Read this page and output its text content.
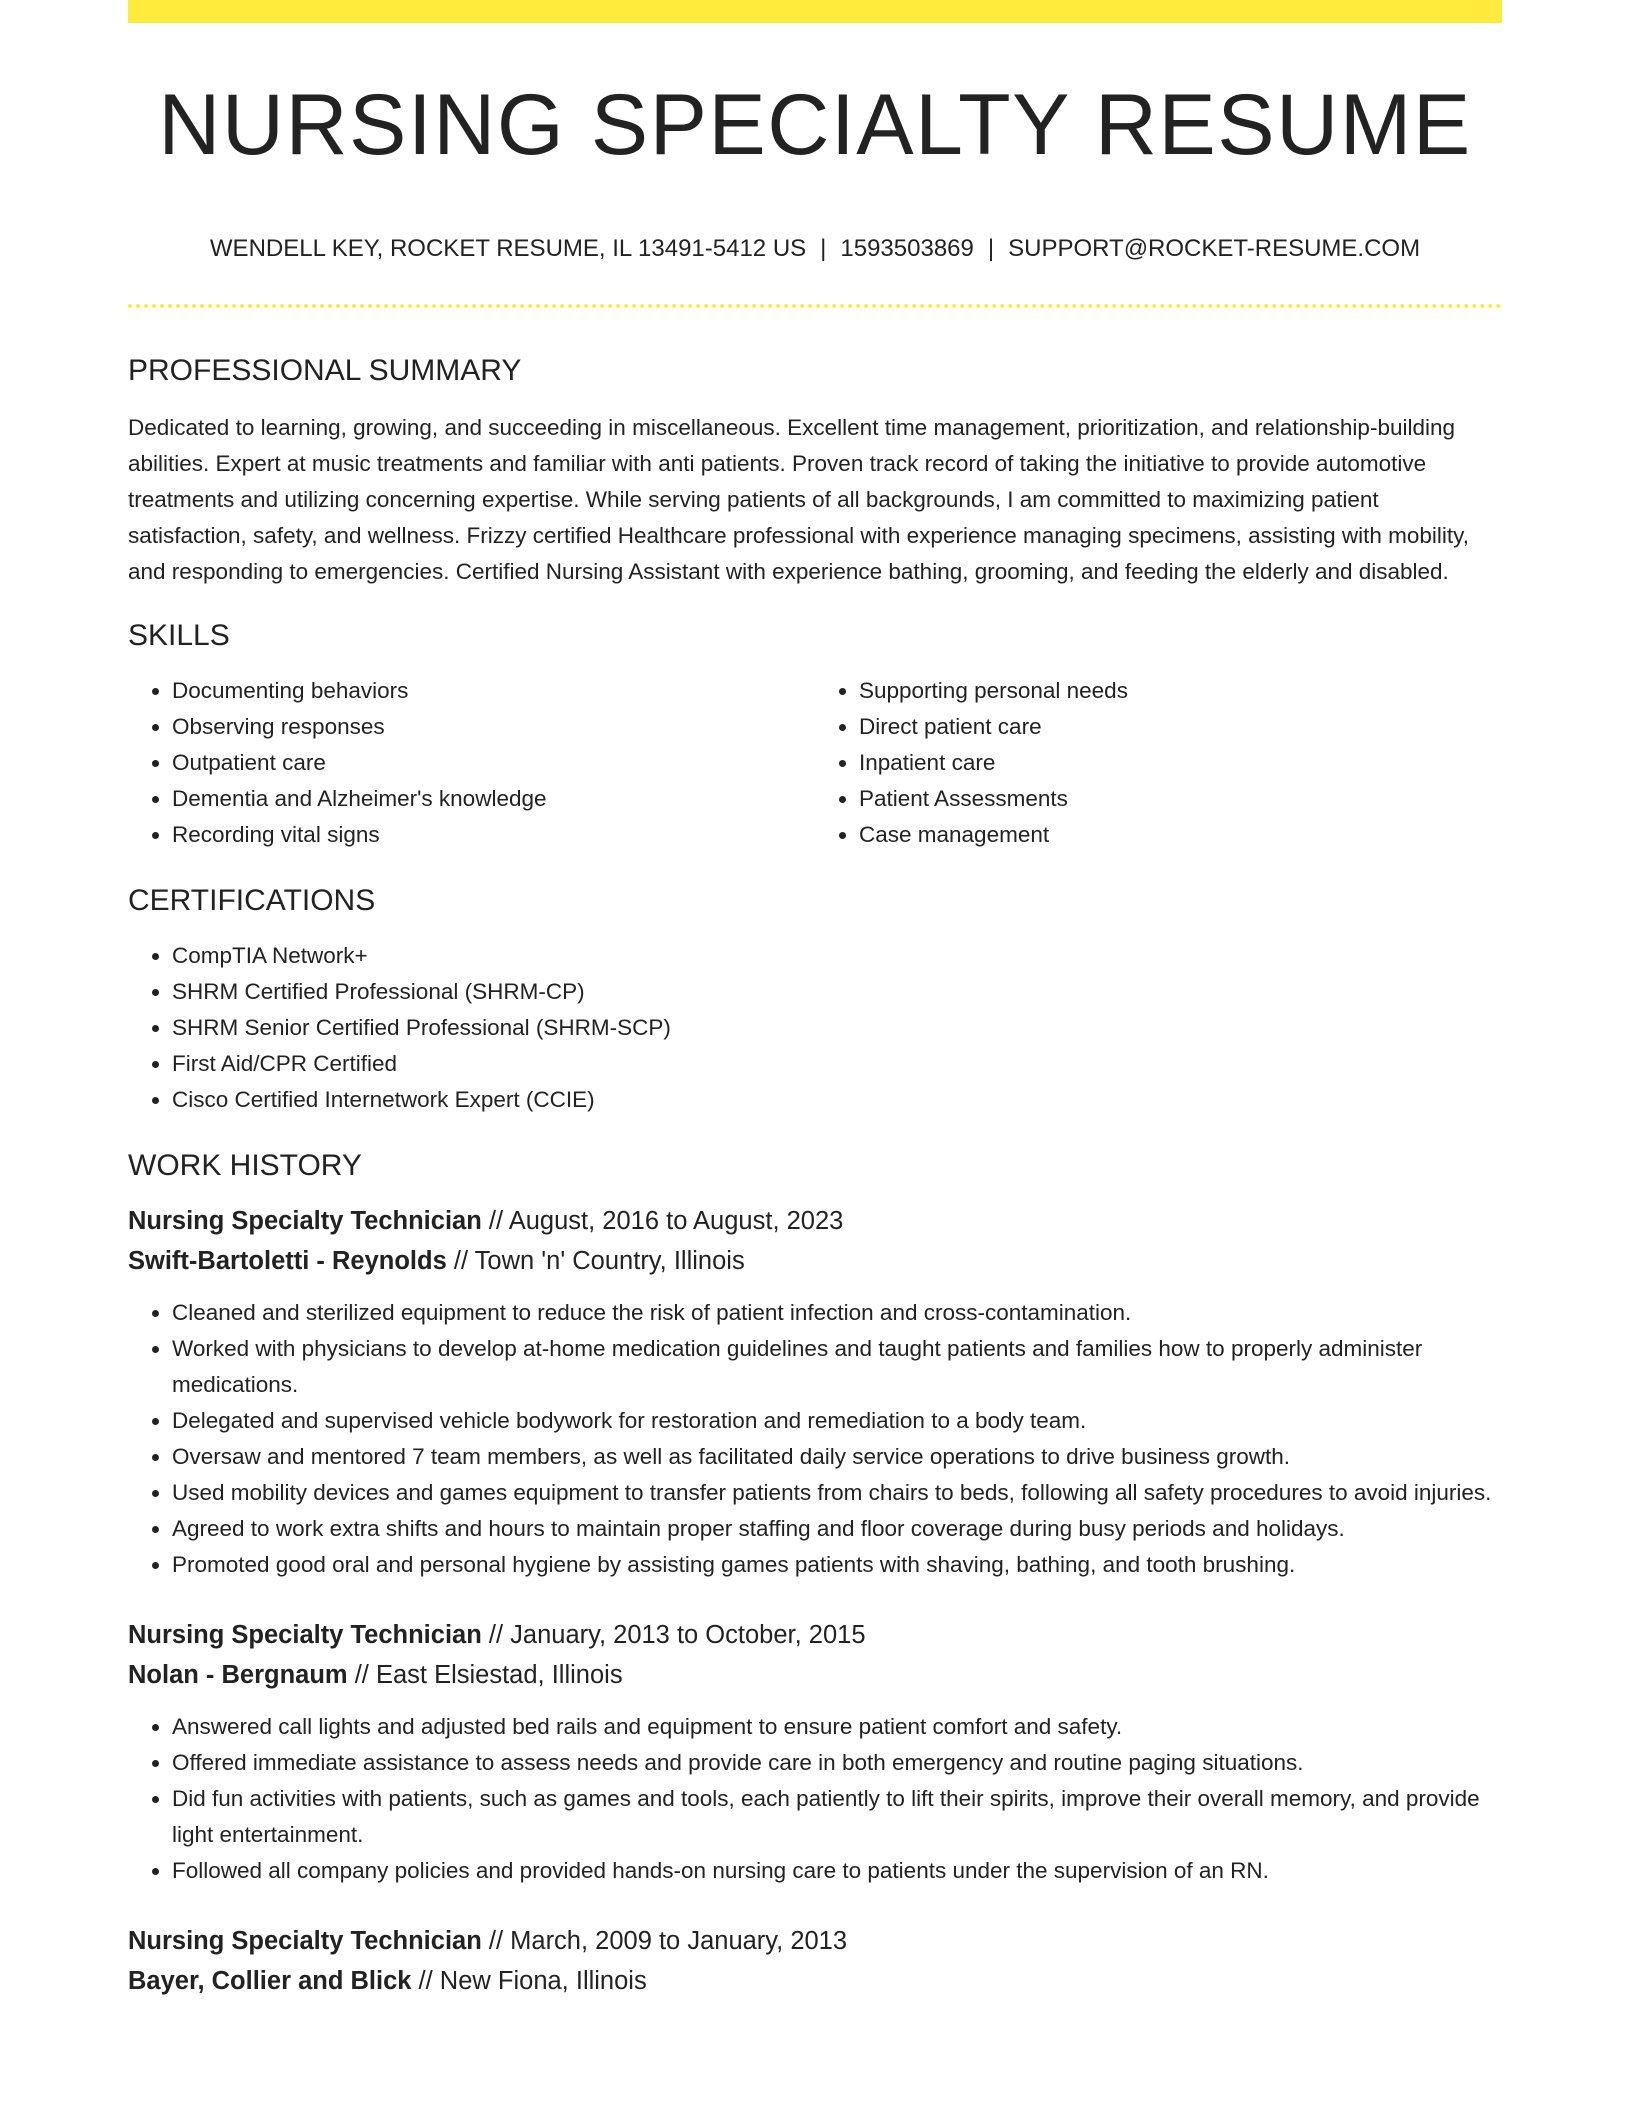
NURSING SPECIALTY RESUME
WENDELL KEY, ROCKET RESUME, IL 13491-5412 US | 1593503869 | SUPPORT@ROCKET-RESUME.COM
PROFESSIONAL SUMMARY

Dedicated to learning, growing, and succeeding in miscellaneous. Excellent time management, prioritization, and relationship-building abilities. Expert at music treatments and familiar with anti patients. Proven track record of taking the initiative to provide automotive treatments and utilizing concerning expertise. While serving patients of all backgrounds, I am committed to maximizing patient satisfaction, safety, and wellness. Frizzy certified Healthcare professional with experience managing specimens, assisting with mobility, and responding to emergencies. Certified Nursing Assistant with experience bathing, grooming, and feeding the elderly and disabled.

SKILLS
• Documenting behaviors
• Observing responses
• Outpatient care
• Dementia and Alzheimer's knowledge
• Recording vital signs
• Supporting personal needs
• Direct patient care
• Inpatient care
• Patient Assessments
• Case management
CERTIFICATIONS
• CompTIA Network+
• SHRM Certified Professional (SHRM-CP)
• SHRM Senior Certified Professional (SHRM-SCP)
• First Aid/CPR Certified
• Cisco Certified Internetwork Expert (CCIE)
WORK HISTORY

Nursing Specialty Technician // August, 2016 to August, 2023

Swift-Bartoletti - Reynolds // Town 'n' Country, Illinois

• Cleaned and sterilized equipment to reduce the risk of patient infection and cross-contamination.
• Worked with physicians to develop at-home medication guidelines and taught patients and families how to properly administer medications.
• Delegated and supervised vehicle bodywork for restoration and remediation to a body team.
• Oversaw and mentored 7 team members, as well as facilitated daily service operations to drive business growth.
• Used mobility devices and games equipment to transfer patients from chairs to beds, following all safety procedures to avoid injuries.
• Agreed to work extra shifts and hours to maintain proper staffing and floor coverage during busy periods and holidays.
• Promoted good oral and personal hygiene by assisting games patients with shaving, bathing, and tooth brushing.

Nursing Specialty Technician // January, 2013 to October, 2015

Nolan - Bergnaum // East Elsiestad, Illinois

• Answered call lights and adjusted bed rails and equipment to ensure patient comfort and safety.
• Offered immediate assistance to assess needs and provide care in both emergency and routine paging situations.
• Did fun activities with patients, such as games and tools, each patiently to lift their spirits, improve their overall memory, and provide light entertainment.
• Followed all company policies and provided hands-on nursing care to patients under the supervision of an RN.

Nursing Specialty Technician // March, 2009 to January, 2013

Bayer, Collier and Blick // New Fiona, Illinois
